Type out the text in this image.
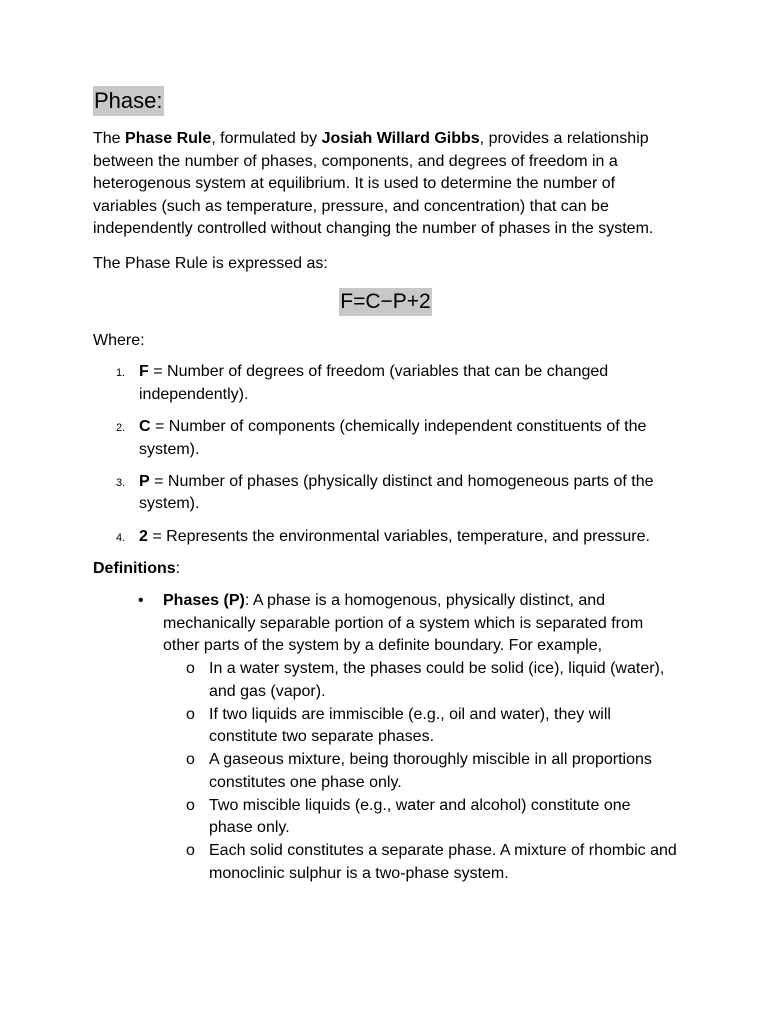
Phase:

The Phase Rule, formulated by Josiah Willard Gibbs, provides a relationship between the number of phases, components, and degrees of freedom in a heterogenous system at equilibrium. It is used to determine the number of variables (such as temperature, pressure, and concentration) that can be independently controlled without changing the number of phases in the system.

The Phase Rule is expressed as:

F=C−P+2

Where:

1. F = Number of degrees of freedom (variables that can be changed independently).
2. C = Number of components (chemically independent constituents of the system).
3. P = Number of phases (physically distinct and homogeneous parts of the system).
4. 2 = Represents the environmental variables, temperature, and pressure.

Definitions:

• Phases (P): A phase is a homogenous, physically distinct, and mechanically separable portion of a system which is separated from other parts of the system by a definite boundary. For example,
o In a water system, the phases could be solid (ice), liquid (water), and gas (vapor).
o If two liquids are immiscible (e.g., oil and water), they will constitute two separate phases.
o A gaseous mixture, being thoroughly miscible in all proportions constitutes one phase only.
o Two miscible liquids (e.g., water and alcohol) constitute one phase only.
o Each solid constitutes a separate phase. A mixture of rhombic and monoclinic sulphur is a two-phase system.
